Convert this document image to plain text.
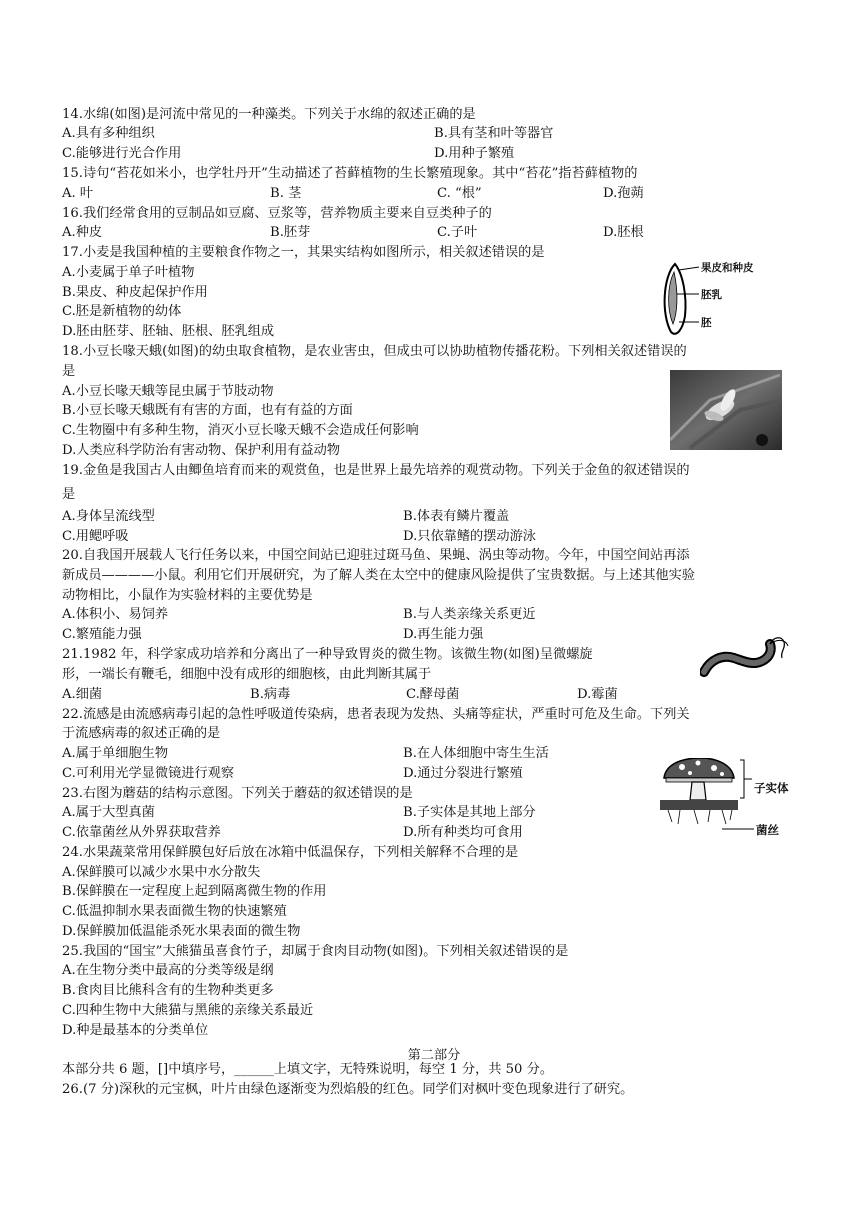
14.水绵(如图)是河流中常见的一种藻类。下列关于水绵的叙述正确的是
A.具有多种组织	B.具有茎和叶等器官
C.能够进行光合作用	D.用种子繁殖
15.诗句“苔花如米小，也学牡丹开”生动描述了苔藓植物的生长繁殖现象。其中“苔花”指苔藓植物的
A. 叶	B. 茎	C. “根”	D.孢蒴
16.我们经常食用的豆制品如豆腐、豆浆等，营养物质主要来自豆类种子的
A.种皮	B.胚芽	C.子叶	D.胚根
17.小麦是我国种植的主要粮食作物之一，其果实结构如图所示，相关叙述错误的是
A.小麦属于单子叶植物
B.果皮、种皮起保护作用
C.胚是新植物的幼体
D.胚由胚芽、胚轴、胚根、胚乳组成
果皮和种皮
胚乳
胚
18.小豆长喙天蛾(如图)的幼虫取食植物，是农业害虫，但成虫可以协助植物传播花粉。下列相关叙述错误的
是
A.小豆长喙天蛾等昆虫属于节肢动物
B.小豆长喙天蛾既有有害的方面，也有有益的方面
C.生物圈中有多种生物，消灭小豆长喙天蛾不会造成任何影响
D.人类应科学防治有害动物、保护利用有益动物
19.金鱼是我国古人由鲫鱼培育而来的观赏鱼，也是世界上最先培养的观赏动物。下列关于金鱼的叙述错误的
是
A.身体呈流线型	B.体表有鳞片覆盖
C.用鳃呼吸	D.只依靠鳍的摆动游泳
20.自我国开展载人飞行任务以来，中国空间站已迎驻过斑马鱼、果蝇、涡虫等动物。今年，中国空间站再添
新成员————小鼠。利用它们开展研究，为了解人类在太空中的健康风险提供了宝贵数据。与上述其他实验
动物相比，小鼠作为实验材料的主要优势是
A.体积小、易饲养	B.与人类亲缘关系更近
C.繁殖能力强	D.再生能力强
21.1982 年，科学家成功培养和分离出了一种导致胃炎的微生物。该微生物(如图)呈微螺旋
形，一端长有鞭毛，细胞中没有成形的细胞核，由此判断其属于
A.细菌	B.病毒	C.酵母菌	D.霉菌
22.流感是由流感病毒引起的急性呼吸道传染病，患者表现为发热、头痛等症状，严重时可危及生命。下列关
于流感病毒的叙述正确的是
A.属于单细胞生物	B.在人体细胞中寄生生活
C.可利用光学显微镜进行观察	D.通过分裂进行繁殖
23.右图为蘑菇的结构示意图。下列关于蘑菇的叙述错误的是
A.属于大型真菌	B.子实体是其地上部分
C.依靠菌丝从外界获取营养	D.所有种类均可食用
子实体
菌丝
24.水果蔬菜常用保鲜膜包好后放在冰箱中低温保存，下列相关解释不合理的是
A.保鲜膜可以减少水果中水分散失
B.保鲜膜在一定程度上起到隔离微生物的作用
C.低温抑制水果表面微生物的快速繁殖
D.保鲜膜加低温能杀死水果表面的微生物
25.我国的“国宝”大熊猫虽喜食竹子，却属于食肉目动物(如图)。下列相关叙述错误的是
A.在生物分类中最高的分类等级是纲
B.食肉目比熊科含有的生物种类更多
C.四种生物中大熊猫与黑熊的亲缘关系最近
D.种是最基本的分类单位
第二部分
本部分共 6 题，[]中填序号，______上填文字，无特殊说明，每空 1 分，共 50 分。
26.(7 分)深秋的元宝枫，叶片由绿色逐渐变为烈焰般的红色。同学们对枫叶变色现象进行了研究。
